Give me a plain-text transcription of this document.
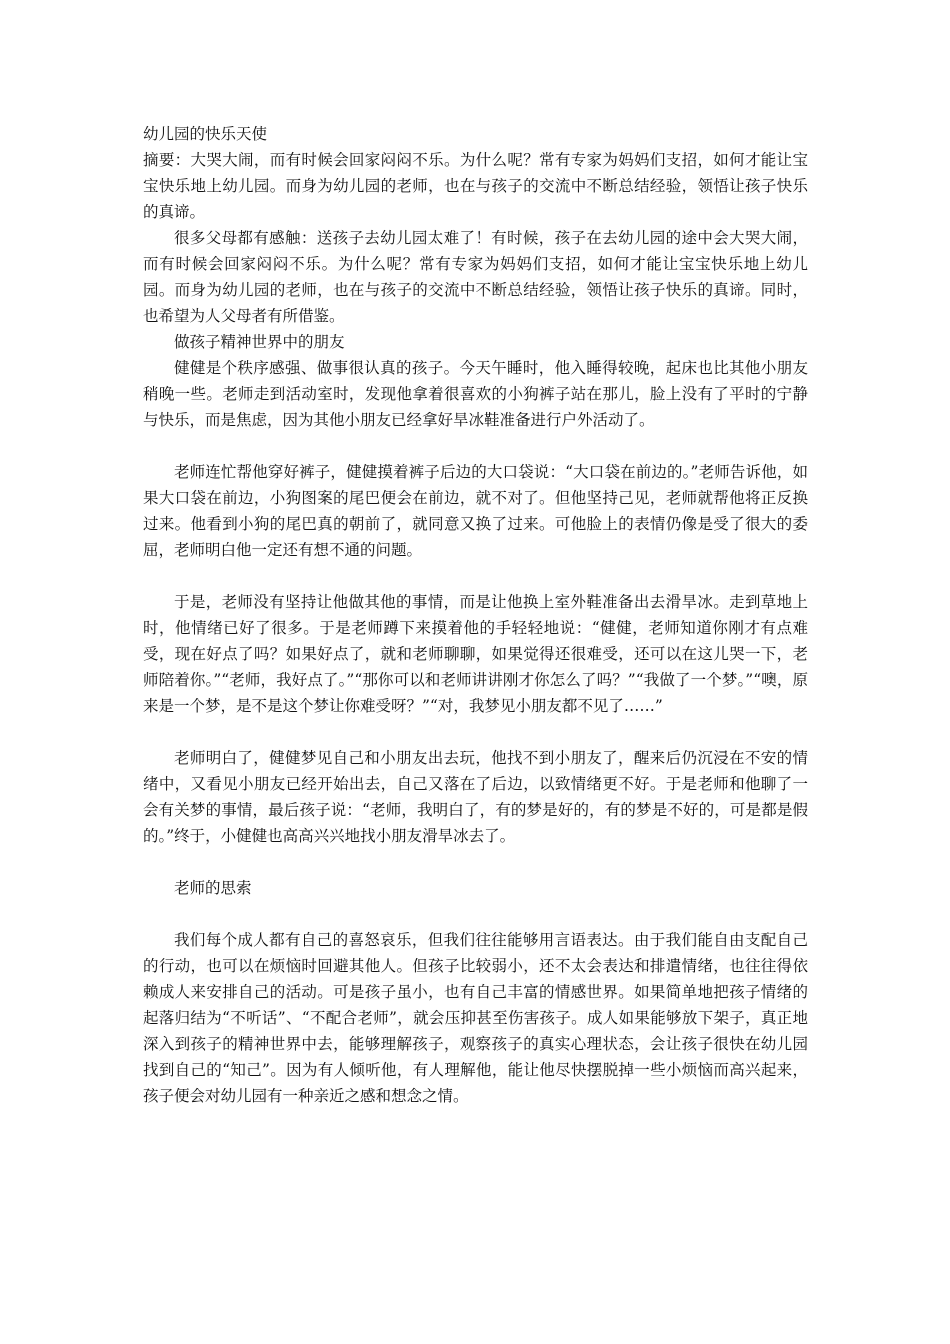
幼儿园的快乐天使

摘要：大哭大闹，而有时候会回家闷闷不乐。为什么呢？常有专家为妈妈们支招，如何才能让宝宝快乐地上幼儿园。而身为幼儿园的老师，也在与孩子的交流中不断总结经验，领悟让孩子快乐的真谛。

很多父母都有感触：送孩子去幼儿园太难了！有时候，孩子在去幼儿园的途中会大哭大闹，而有时候会回家闷闷不乐。为什么呢？常有专家为妈妈们支招，如何才能让宝宝快乐地上幼儿园。而身为幼儿园的老师，也在与孩子的交流中不断总结经验，领悟让孩子快乐的真谛。同时，也希望为人父母者有所借鉴。

做孩子精神世界中的朋友

健健是个秩序感强、做事很认真的孩子。今天午睡时，他入睡得较晚，起床也比其他小朋友稍晚一些。老师走到活动室时，发现他拿着很喜欢的小狗裤子站在那儿，脸上没有了平时的宁静与快乐，而是焦虑，因为其他小朋友已经拿好旱冰鞋准备进行户外活动了。

老师连忙帮他穿好裤子，健健摸着裤子后边的大口袋说：“大口袋在前边的。”老师告诉他，如果大口袋在前边，小狗图案的尾巴便会在前边，就不对了。但他坚持己见，老师就帮他将正反换过来。他看到小狗的尾巴真的朝前了，就同意又换了过来。可他脸上的表情仍像是受了很大的委屈，老师明白他一定还有想不通的问题。

于是，老师没有坚持让他做其他的事情，而是让他换上室外鞋准备出去滑旱冰。走到草地上时，他情绪已好了很多。于是老师蹲下来摸着他的手轻轻地说：“健健，老师知道你刚才有点难受，现在好点了吗？如果好点了，就和老师聊聊，如果觉得还很难受，还可以在这儿哭一下，老师陪着你。”“老师，我好点了。”“那你可以和老师讲讲刚才你怎么了吗？”“我做了一个梦。”“噢，原来是一个梦，是不是这个梦让你难受呀？”“对，我梦见小朋友都不见了……”

老师明白了，健健梦见自己和小朋友出去玩，他找不到小朋友了，醒来后仍沉浸在不安的情绪中，又看见小朋友已经开始出去，自己又落在了后边，以致情绪更不好。于是老师和他聊了一会有关梦的事情，最后孩子说：“老师，我明白了，有的梦是好的，有的梦是不好的，可是都是假的。”终于，小健健也高高兴兴地找小朋友滑旱冰去了。

老师的思索

我们每个成人都有自己的喜怒哀乐，但我们往往能够用言语表达。由于我们能自由支配自己的行动，也可以在烦恼时回避其他人。但孩子比较弱小，还不太会表达和排遣情绪，也往往得依赖成人来安排自己的活动。可是孩子虽小，也有自己丰富的情感世界。如果简单地把孩子情绪的起落归结为“不听话”、“不配合老师”，就会压抑甚至伤害孩子。成人如果能够放下架子，真正地深入到孩子的精神世界中去，能够理解孩子，观察孩子的真实心理状态，会让孩子很快在幼儿园找到自己的“知己”。因为有人倾听他，有人理解他，能让他尽快摆脱掉一些小烦恼而高兴起来，孩子便会对幼儿园有一种亲近之感和想念之情。
